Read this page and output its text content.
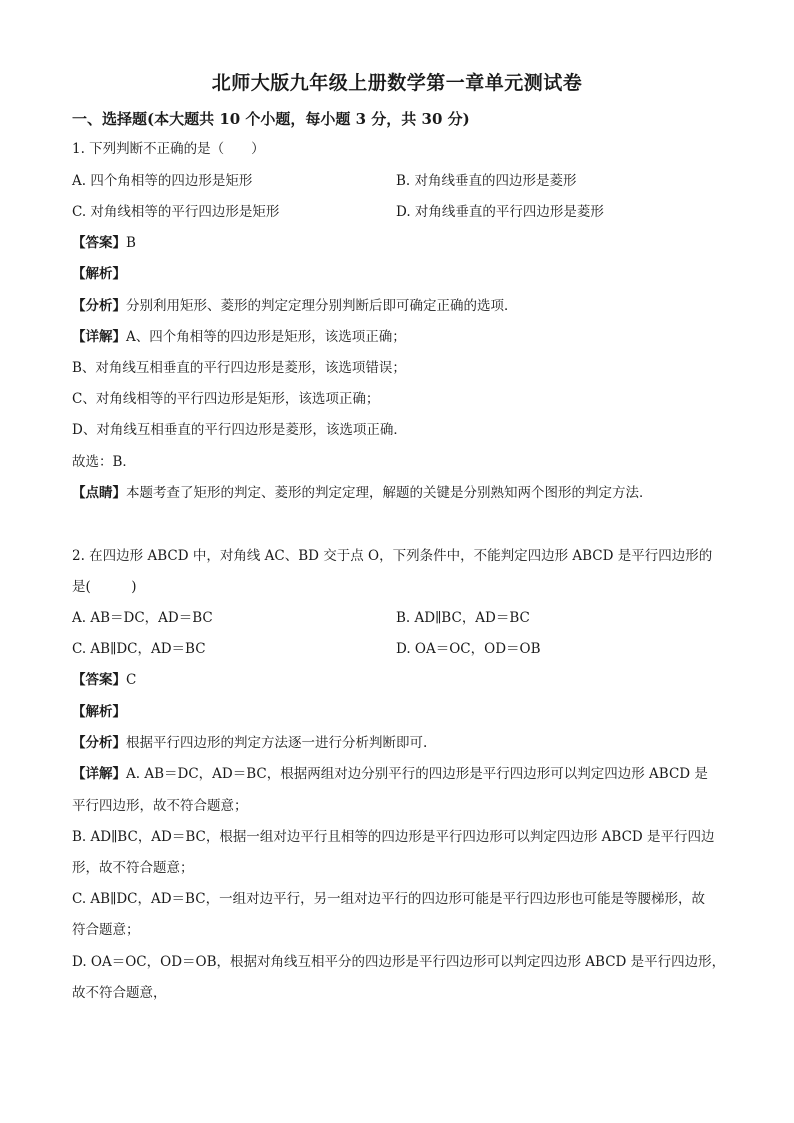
北师大版九年级上册数学第一章单元测试卷
一、选择题(本大题共 10 个小题，每小题 3 分，共 30 分)
1. 下列判断不正确的是（　　）
A. 四个角相等的四边形是矩形	B. 对角线垂直的四边形是菱形
C. 对角线相等的平行四边形是矩形	D. 对角线垂直的平行四边形是菱形
【答案】B
【解析】
【分析】分别利用矩形、菱形的判定定理分别判断后即可确定正确的选项．
【详解】A、四个角相等的四边形是矩形，该选项正确；
B、对角线互相垂直的平行四边形是菱形，该选项错误；
C、对角线相等的平行四边形是矩形，该选项正确；
D、对角线互相垂直的平行四边形是菱形，该选项正确．
故选：B．
【点睛】本题考查了矩形的判定、菱形的判定定理，解题的关键是分别熟知两个图形的判定方法．
2. 在四边形 ABCD 中，对角线 AC、BD 交于点 O，下列条件中，不能判定四边形 ABCD 是平行四边形的
是(　　　)
A. AB＝DC，AD＝BC	B. AD∥BC，AD＝BC
C. AB∥DC，AD＝BC	D. OA＝OC，OD＝OB
【答案】C
【解析】
【分析】根据平行四边形的判定方法逐一进行分析判断即可.
【详解】A. AB＝DC，AD＝BC，根据两组对边分别平行的四边形是平行四边形可以判定四边形 ABCD 是
平行四边形，故不符合题意；
B. AD∥BC，AD＝BC，根据一组对边平行且相等的四边形是平行四边形可以判定四边形 ABCD 是平行四边
形，故不符合题意；
C. AB∥DC，AD＝BC，一组对边平行，另一组对边平行的四边形可能是平行四边形也可能是等腰梯形，故
符合题意；
D. OA＝OC，OD＝OB，根据对角线互相平分的四边形是平行四边形可以判定四边形 ABCD 是平行四边形，
故不符合题意，
